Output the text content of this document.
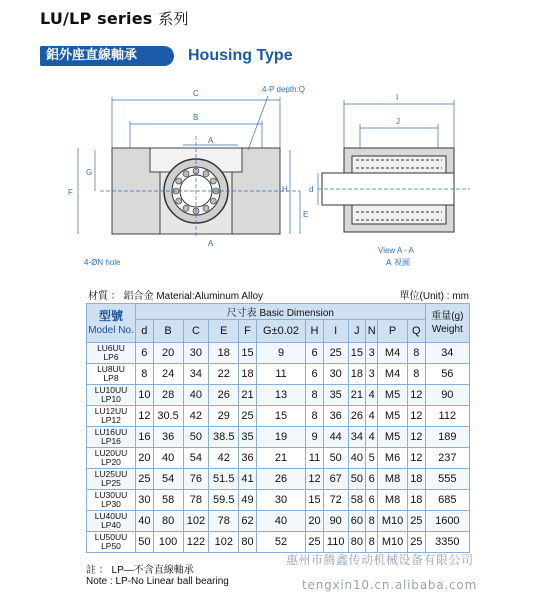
LU/LP series 系列
鋁外座直線軸承	Housing Type
C
B
A
G
F
E
H
A
4-P depth:Q
I
J
d
4-ØN hole
View A - A
A 視圖
材質 ： 鋁合金 Material:Aluminum Alloy	單位(Unit) : mm
型號
Model No.	尺寸表 Basic Dimension												重量(g)
Weight
	d	B	C	E	F	G±0.02	H	I	J	N	P	Q	

LU6UU
LP6	6	20	30	18	15	9	6	25	15	3	M4	8	34

LU8UU
LP8	8	24	34	22	18	11	6	30	18	3	M4	8	56

LU10UU
LP10	10	28	40	26	21	13	8	35	21	4	M5	12	90

LU12UU
LP12	12	30.5	42	29	25	15	8	36	26	4	M5	12	112

LU16UU
LP16	16	36	50	38.5	35	19	9	44	34	4	M5	12	189

LU20UU
LP20	20	40	54	42	36	21	11	50	40	5	M6	12	237

LU25UU
LP25	25	54	76	51.5	41	26	12	67	50	6	M8	18	555

LU30UU
LP30	30	58	78	59.5	49	30	15	72	58	6	M8	18	685

LU40UU
LP40	40	80	102	78	62	40	20	90	60	8	M10	25	1600

LU50UU
LP50	50	100	122	102	80	52	25	110	80	8	M10	25	3350
註 ： LP—不含直線軸承
Note : LP-No Linear ball bearing
惠州市腾鑫传动机械设备有限公司
tengxin10.cn.alibaba.com
